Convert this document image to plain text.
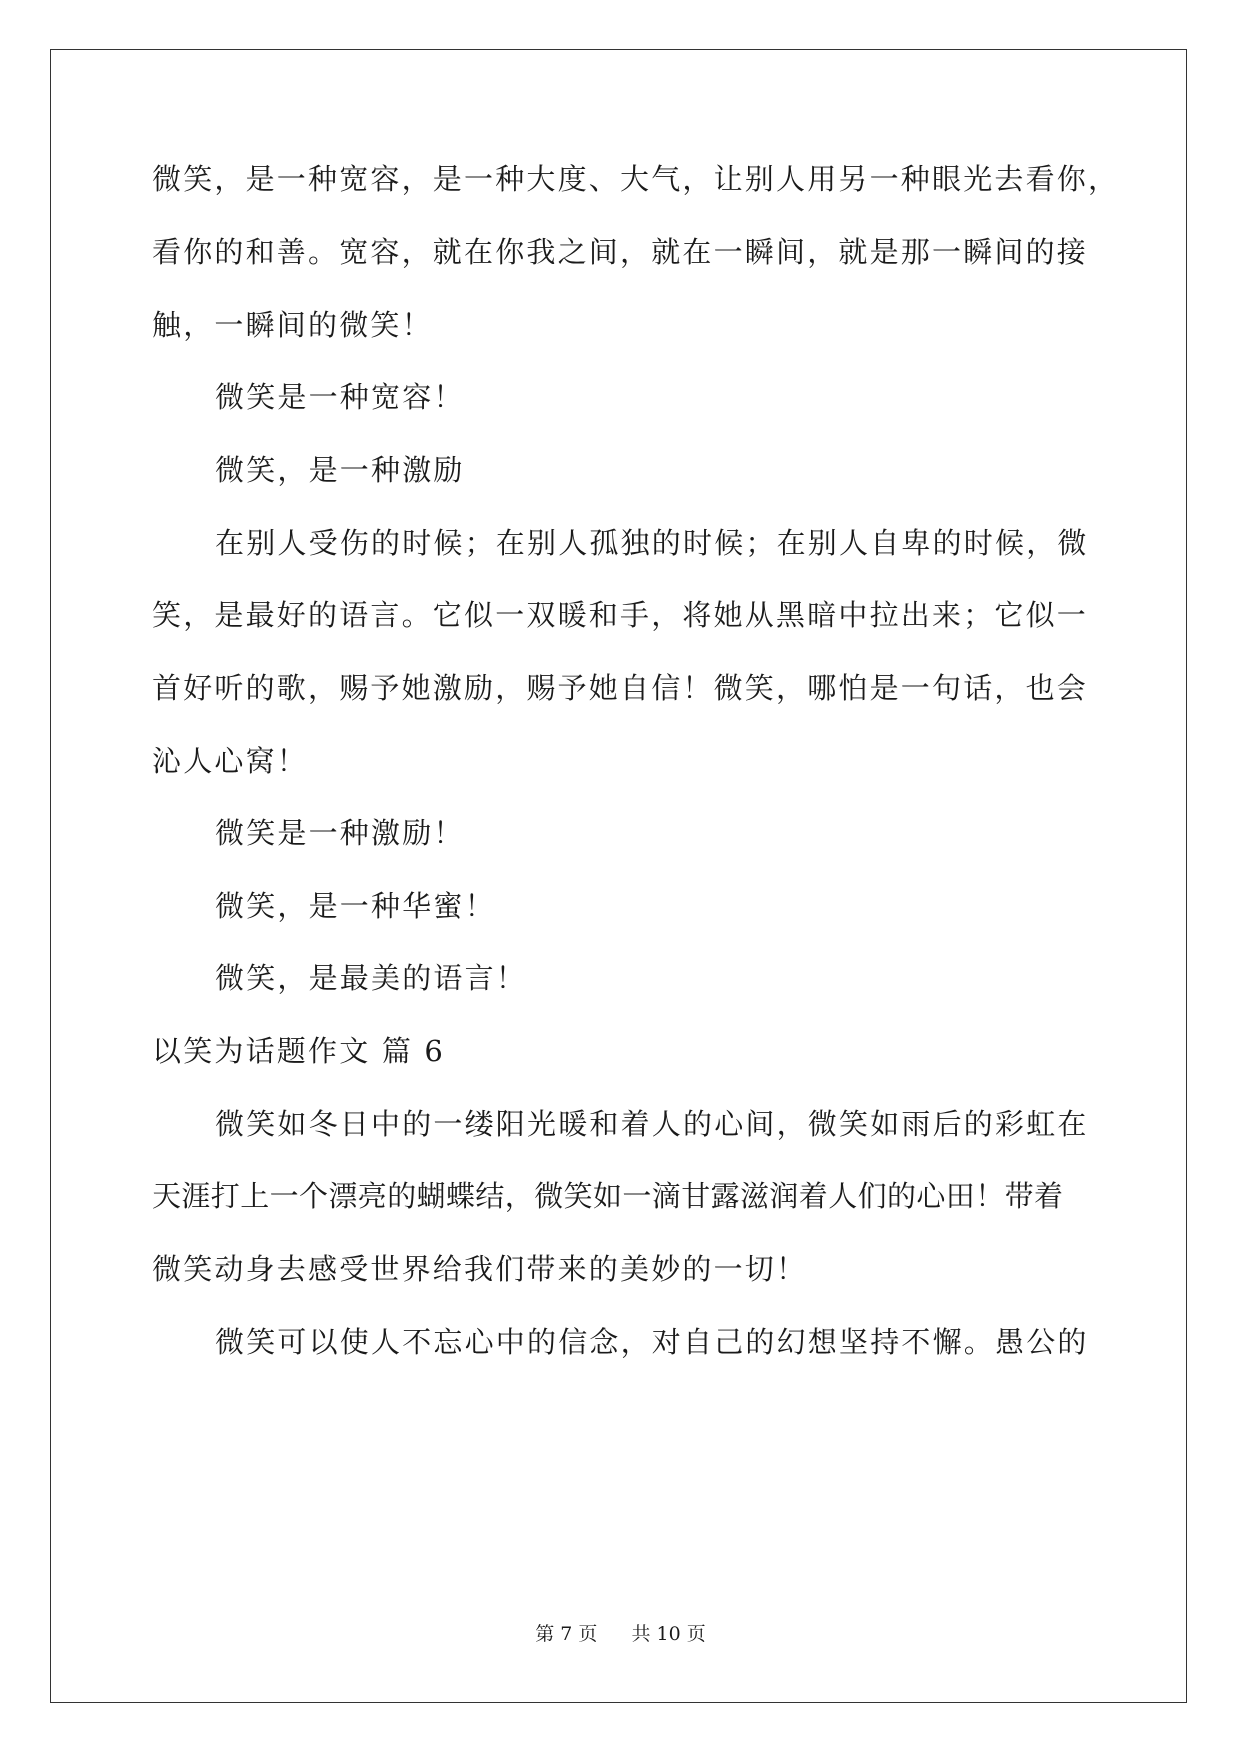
微笑，是一种宽容，是一种大度、大气，让别人用另一种眼光去看你，
看你的和善。宽容，就在你我之间，就在一瞬间，就是那一瞬间的接
触，一瞬间的微笑！
微笑是一种宽容！
微笑，是一种激励
在别人受伤的时候；在别人孤独的时候；在别人自卑的时候，微
笑，是最好的语言。它似一双暖和手，将她从黑暗中拉出来；它似一
首好听的歌，赐予她激励，赐予她自信！微笑，哪怕是一句话，也会
沁人心窝！
微笑是一种激励！
微笑，是一种华蜜！
微笑，是最美的语言！
以笑为话题作文 篇 6
微笑如冬日中的一缕阳光暖和着人的心间，微笑如雨后的彩虹在
天涯打上一个漂亮的蝴蝶结，微笑如一滴甘露滋润着人们的心田！带着
微笑动身去感受世界给我们带来的美妙的一切！
微笑可以使人不忘心中的信念，对自己的幻想坚持不懈。愚公的
第 7 页 共 10 页
